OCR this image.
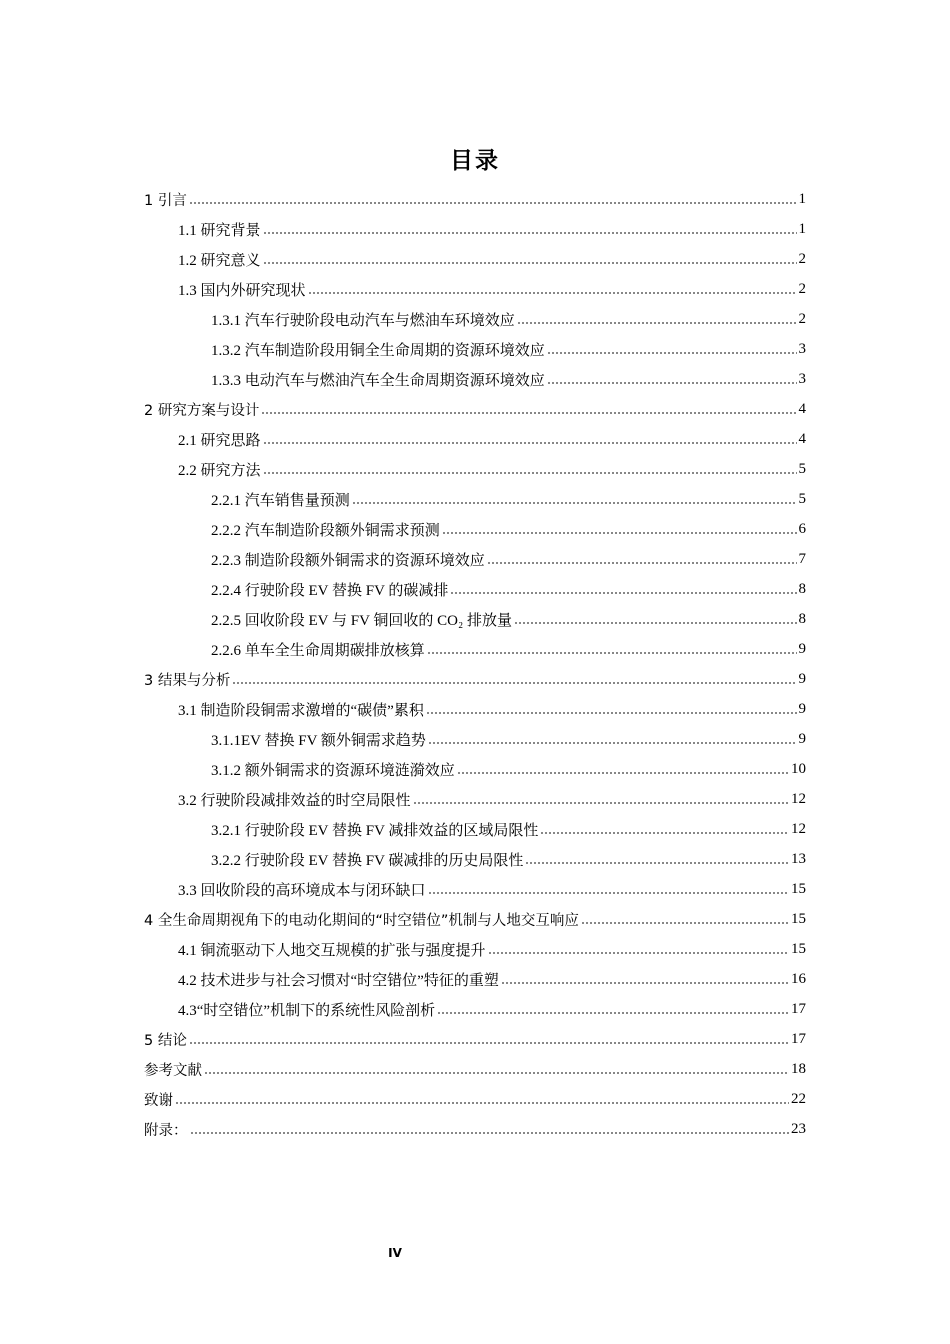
目录
1 引言	1
1.1 研究背景	1
1.2 研究意义	2
1.3 国内外研究现状	2
1.3.1 汽车行驶阶段电动汽车与燃油车环境效应	2
1.3.2 汽车制造阶段用铜全生命周期的资源环境效应	3
1.3.3 电动汽车与燃油汽车全生命周期资源环境效应	3
2 研究方案与设计	4
2.1 研究思路	4
2.2 研究方法	5
2.2.1 汽车销售量预测	5
2.2.2 汽车制造阶段额外铜需求预测	6
2.2.3 制造阶段额外铜需求的资源环境效应	7
2.2.4 行驶阶段 EV 替换 FV 的碳减排	8
2.2.5 回收阶段 EV 与 FV 铜回收的 CO₂ 排放量	8
2.2.6 单车全生命周期碳排放核算	9
3 结果与分析	9
3.1 制造阶段铜需求激增的“碳债”累积	9
3.1.1EV 替换 FV 额外铜需求趋势	9
3.1.2 额外铜需求的资源环境涟漪效应	10
3.2 行驶阶段减排效益的时空局限性	12
3.2.1 行驶阶段 EV 替换 FV 减排效益的区域局限性	12
3.2.2 行驶阶段 EV 替换 FV 碳减排的历史局限性	13
3.3 回收阶段的高环境成本与闭环缺口	15
4 全生命周期视角下的电动化期间的“时空错位”机制与人地交互响应	15
4.1 铜流驱动下人地交互规模的扩张与强度提升	15
4.2 技术进步与社会习惯对“时空错位”特征的重塑	16
4.3“时空错位”机制下的系统性风险剖析	17
5 结论	17
参考文献	18
致谢	22
附录：	23
IV
